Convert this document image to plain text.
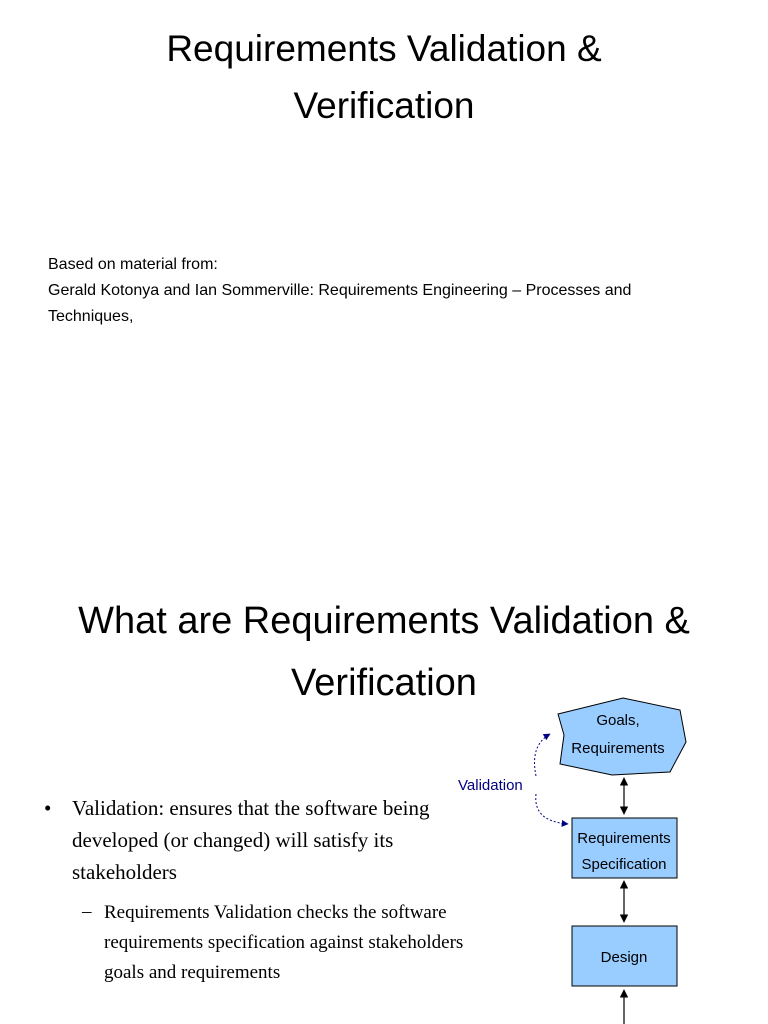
Requirements Validation &
Verification
Based on material from:
Gerald Kotonya and Ian Sommerville: Requirements Engineering – Processes and
Techniques,
What are Requirements Validation &
Verification
• Validation: ensures that the software being
developed (or changed) will satisfy its
stakeholders
– Requirements Validation checks the software
requirements specification against stakeholders
goals and requirements
Goals,
Requirements
Requirements
Specification
Validation
Design
